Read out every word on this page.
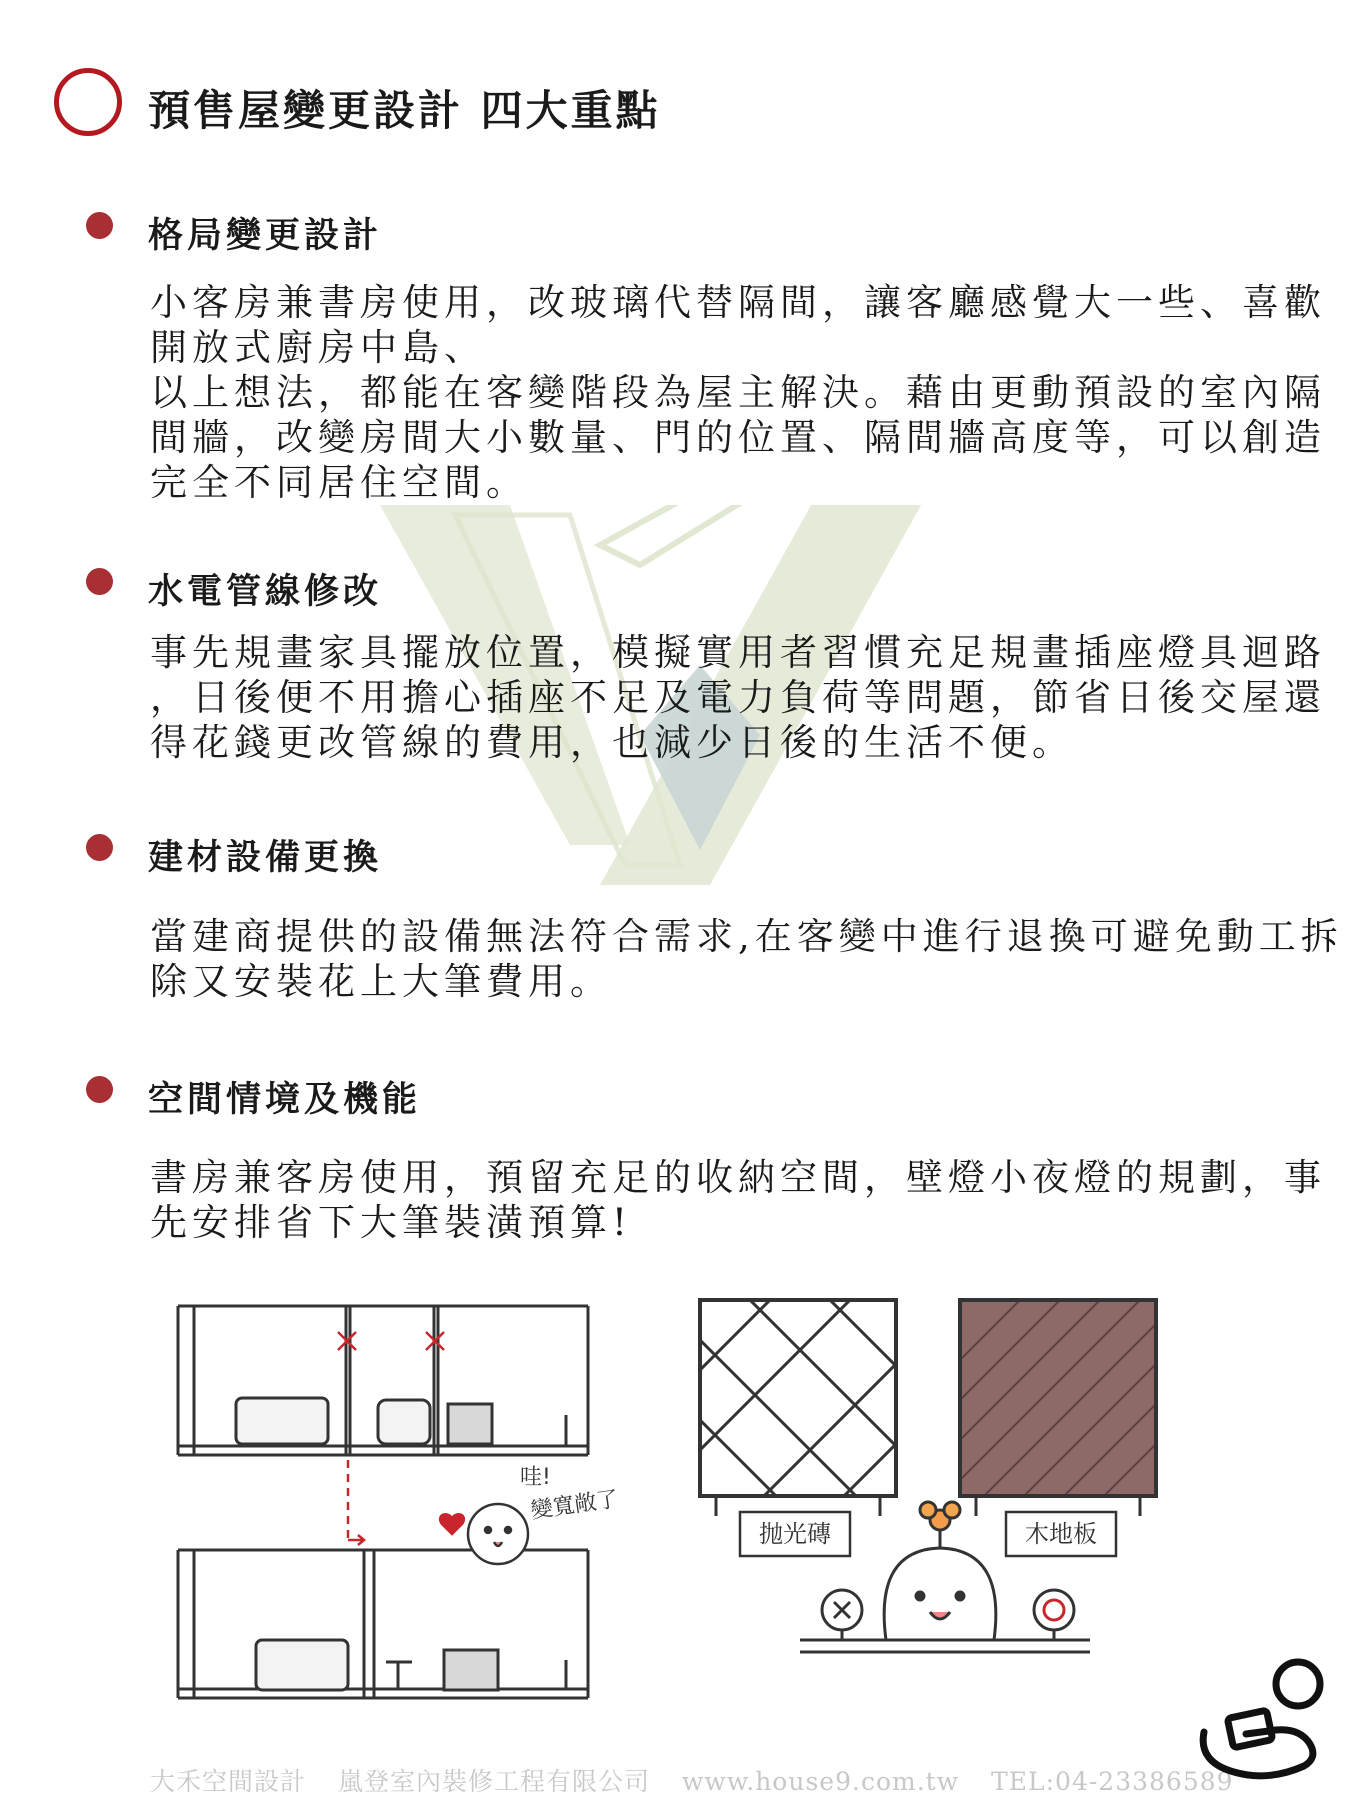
預售屋變更設計 四大重點
格局變更設計

小客房兼書房使用，改玻璃代替隔間，讓客廳感覺大一些、喜歡
開放式廚房中島、
以上想法，都能在客變階段為屋主解決。藉由更動預設的室內隔
間牆，改變房間大小數量、門的位置、隔間牆高度等，可以創造
完全不同居住空間。

水電管線修改

事先規畫家具擺放位置，模擬實用者習慣充足規畫插座燈具迴路
，日後便不用擔心插座不足及電力負荷等問題，節省日後交屋還
得花錢更改管線的費用，也減少日後的生活不便。

建材設備更換

當建商提供的設備無法符合需求,在客變中進行退換可避免動工拆
除又安裝花上大筆費用。

空間情境及機能

書房兼客房使用，預留充足的收納空間，壁燈小夜燈的規劃，事
先安排省下大筆裝潢預算!

哇!
變寬敞了
抛光磚	木地板

大禾空間設計 嵐登室內裝修工程有限公司 www.house9.com.tw TEL:04-23386589
